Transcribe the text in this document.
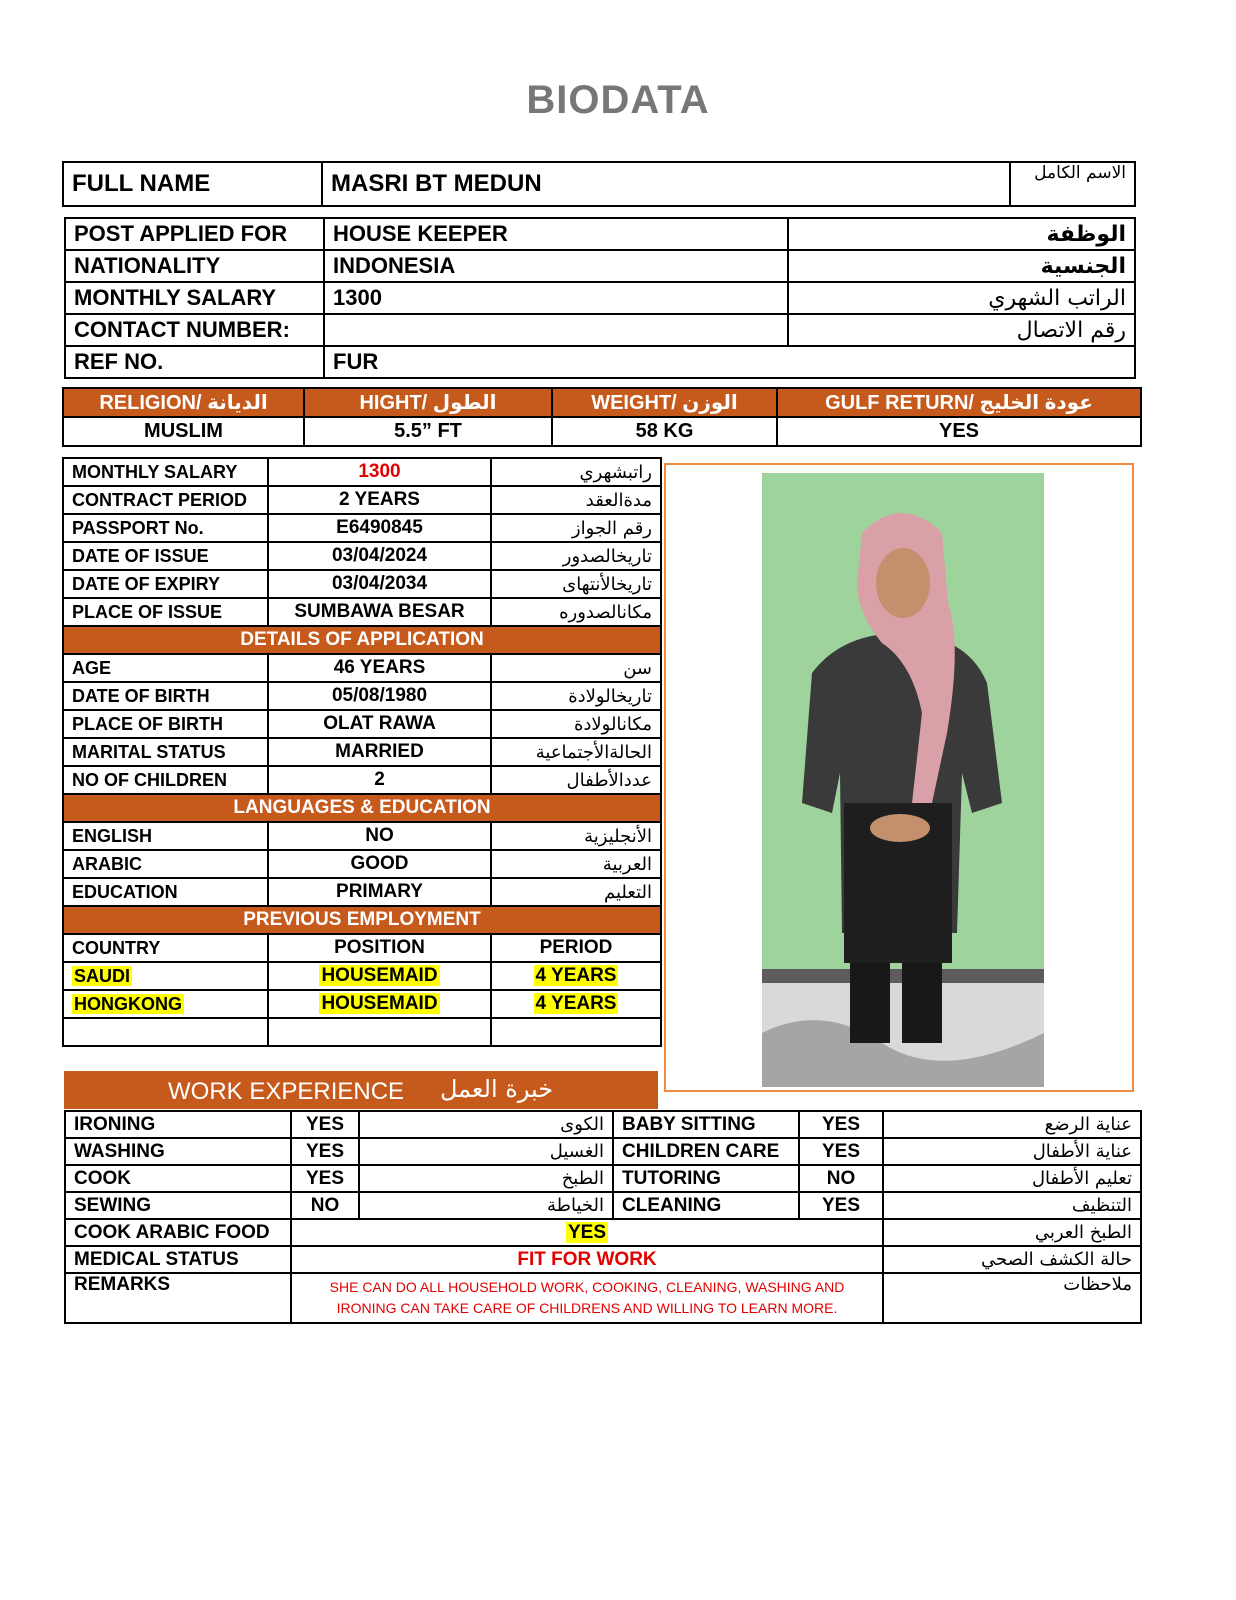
BIODATA
FULL NAME	MASRI BT MEDUN	الاسم الكامل
POST APPLIED FOR	HOUSE KEEPER	الوظفة
NATIONALITY	INDONESIA	الجنسية
MONTHLY SALARY	1300	الراتب الشهري
CONTACT NUMBER:		رقم الاتصال
REF NO.	FUR	
RELIGION/ الديانة	HIGHT/ الطول	WEIGHT/ الوزن	GULF RETURN/ عودة الخليج
MUSLIM	5.5” FT	58 KG	YES
MONTHLY SALARY	1300	راتبشهري
CONTRACT PERIOD	2 YEARS	مدةالعقد
PASSPORT No.	E6490845	رقم الجواز
DATE OF ISSUE	03/04/2024	تاريخالصدور
DATE OF EXPIRY	03/04/2034	تاريخالأنتهاى
PLACE OF ISSUE	SUMBAWA BESAR	مكانالصدوره
DETAILS OF APPLICATION		
AGE	46 YEARS	سن
DATE OF BIRTH	05/08/1980	تاريخالولادة
PLACE OF BIRTH	OLAT RAWA	مكانالولادة
MARITAL STATUS	MARRIED	الحالةالأجتماعية
NO OF CHILDREN	2	عددالأطفال
LANGUAGES & EDUCATION		
ENGLISH	NO	الأنجليزية
ARABIC	GOOD	العربية
EDUCATION	PRIMARY	التعليم
PREVIOUS EMPLOYMENT		
COUNTRY	POSITION	PERIOD
SAUDI	HOUSEMAID	4 YEARS
HONGKONG	HOUSEMAID	4 YEARS

WORK EXPERIENCE خبرة العمل
IRONING	YES	الكوى	BABY SITTING	YES	عناية الرضع
WASHING	YES	الغسيل	CHILDREN CARE	YES	عناية الأطفال
COOK	YES	الطبخ	TUTORING	NO	تعليم الأطفال
SEWING	NO	الخياطة	CLEANING	YES	التنظيف
COOK ARABIC FOOD	YES				الطبخ العربي
MEDICAL STATUS	FIT FOR WORK				حالة الكشف الصحي
REMARKS	SHE CAN DO ALL HOUSEHOLD WORK, COOKING, CLEANING, WASHING AND IRONING CAN TAKE CARE OF CHILDRENS AND WILLING TO LEARN MORE.				ملاحظات
